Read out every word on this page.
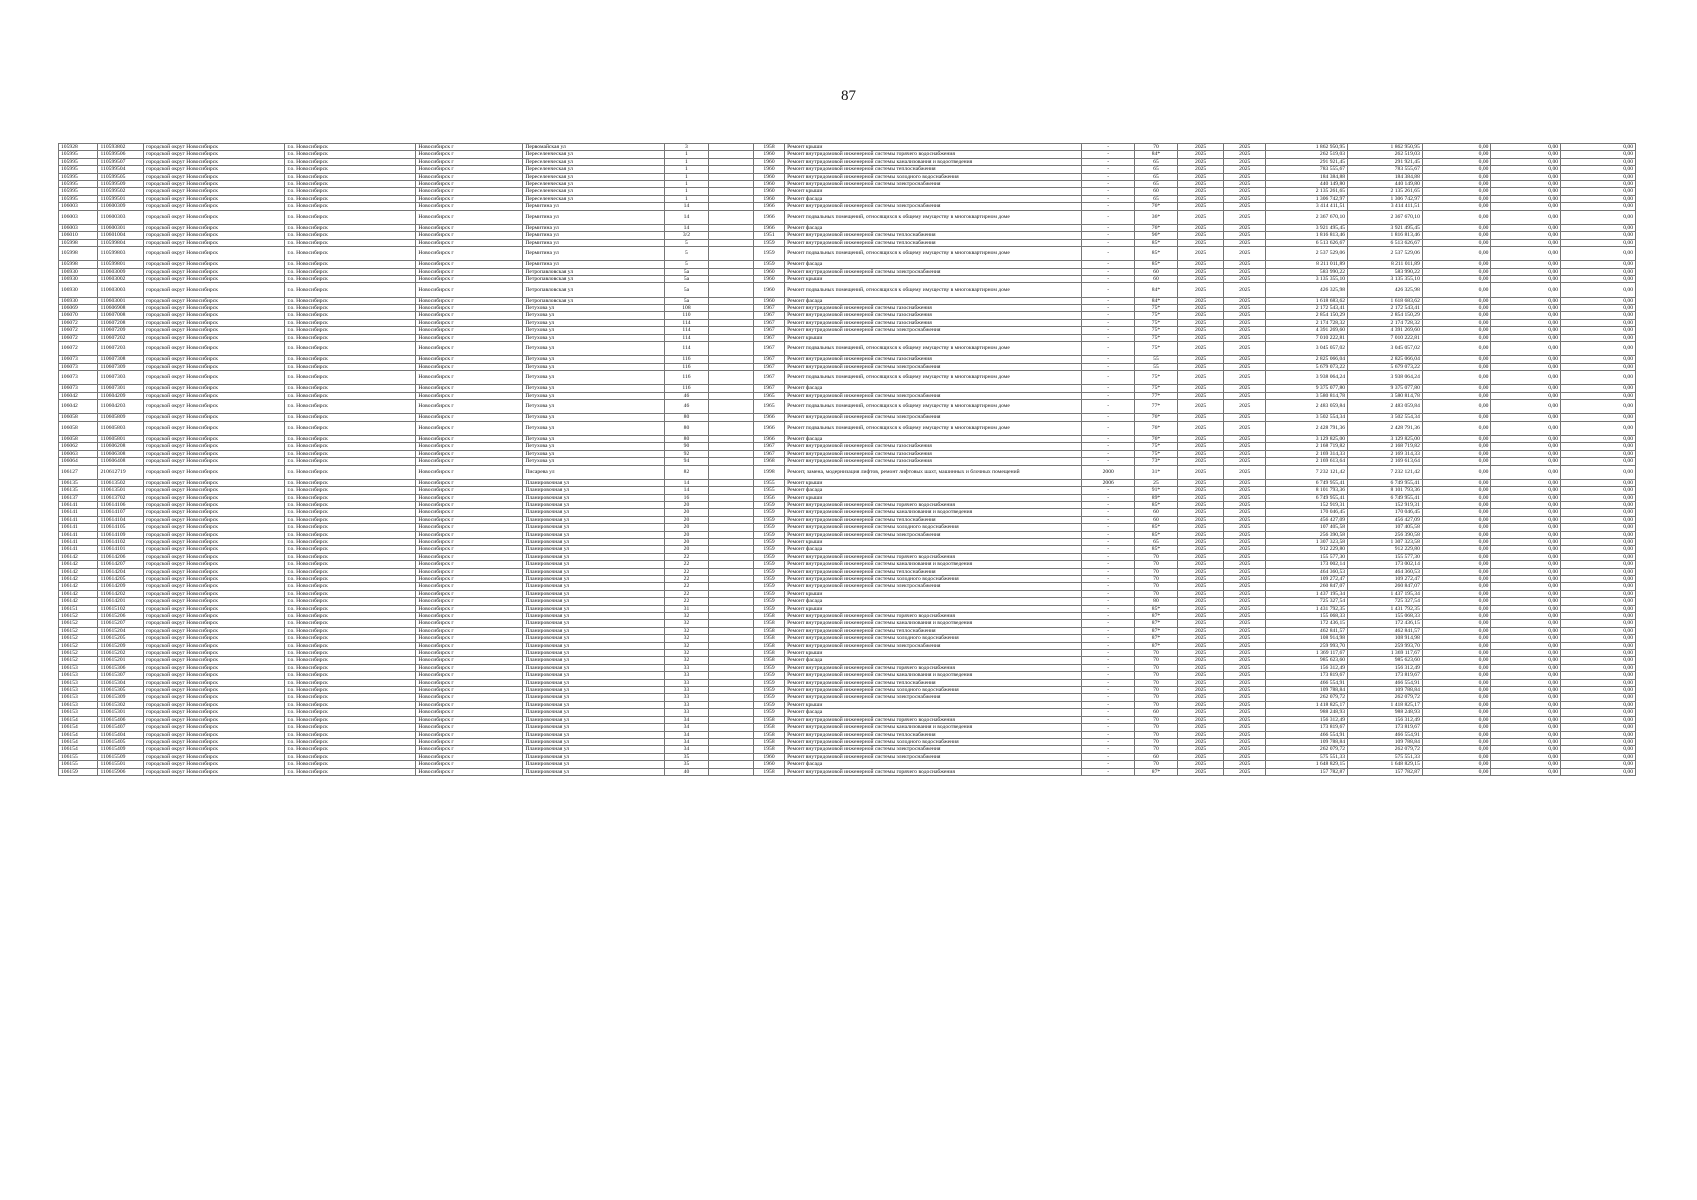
87
105928	110593802	городской округ Новосибирск	г.о. Новосибирск	Новосибирск г	Первомайская ул	3		1958	Ремонт крыши	-	70	2025	2025	1 862 950,95	1 862 950,95	0,00	0,00	0,00
105995	110599506	городской округ Новосибирск	г.о. Новосибирск	Новосибирск г	Переселенческая ул	1		1960	Ремонт внутридомовой инженерной системы горячего водоснабжения	-	84*	2025	2025	262 519,03	262 519,03	0,00	0,00	0,00
105995	110599507	городской округ Новосибирск	г.о. Новосибирск	Новосибирск г	Переселенческая ул	1		1960	Ремонт внутридомовой инженерной системы канализования и водоотведения	-	65	2025	2025	291 921,45	291 921,45	0,00	0,00	0,00
105995	110599504	городской округ Новосибирск	г.о. Новосибирск	Новосибирск г	Переселенческая ул	1		1960	Ремонт внутридомовой инженерной системы теплоснабжения	-	65	2025	2025	783 555,67	783 555,67	0,00	0,00	0,00
105995	110599505	городской округ Новосибирск	г.о. Новосибирск	Новосибирск г	Переселенческая ул	1		1960	Ремонт внутридомовой инженерной системы холодного водоснабжения	-	65	2025	2025	184 384,88	184 384,88	0,00	0,00	0,00
105995	110599509	городской округ Новосибирск	г.о. Новосибирск	Новосибирск г	Переселенческая ул	1		1960	Ремонт внутридомовой инженерной системы электроснабжения	-	65	2025	2025	440 149,80	440 149,80	0,00	0,00	0,00
105995	110599502	городской округ Новосибирск	г.о. Новосибирск	Новосибирск г	Переселенческая ул	1		1960	Ремонт крыши	-	60	2025	2025	2 135 261,65	2 135 261,65	0,00	0,00	0,00
105995	110599501	городской округ Новосибирск	г.о. Новосибирск	Новосибирск г	Переселенческая ул	1		1960	Ремонт фасада	-	65	2025	2025	1 306 742,97	1 306 742,97	0,00	0,00	0,00
106003	110600309	городской округ Новосибирск	г.о. Новосибирск	Новосибирск г	Пермитина ул	14		1966	Ремонт внутридомовой инженерной системы электроснабжения	-	76*	2025	2025	3 414 411,51	3 414 411,51	0,00	0,00	0,00
106003	110600303	городской округ Новосибирск	г.о. Новосибирск	Новосибирск г	Пермитина ул	14		1966	Ремонт подвальных помещений, относящихся к общему имуществу в многоквартирном доме	-	36*	2025	2025	2 367 670,10	2 367 670,10	0,00	0,00	0,00
106003	110600301	городской округ Новосибирск	г.о. Новосибирск	Новосибирск г	Пермитина ул	14		1966	Ремонт фасада	-	76*	2025	2025	3 921 495,45	3 921 495,45	0,00	0,00	0,00
106010	110601004	городской округ Новосибирск	г.о. Новосибирск	Новосибирск г	Пермитина ул	3/2		1951	Ремонт внутридомовой инженерной системы теплоснабжения	-	96*	2025	2025	1 816 813,46	1 816 813,46	0,00	0,00	0,00
105998	110599804	городской округ Новосибирск	г.о. Новосибирск	Новосибирск г	Пермитина ул	5		1959	Ремонт внутридомовой инженерной системы теплоснабжения	-	85*	2025	2025	6 513 626,67	6 513 626,67	0,00	0,00	0,00
105998	110599803	городской округ Новосибирск	г.о. Новосибирск	Новосибирск г	Пермитина ул	5		1959	Ремонт подвальных помещений, относящихся к общему имуществу в многоквартирном доме	-	85*	2025	2025	2 537 529,06	2 537 529,06	0,00	0,00	0,00
105998	110599801	городской округ Новосибирск	г.о. Новосибирск	Новосибирск г	Пермитина ул	5		1959	Ремонт фасада	-	85*	2025	2025	8 211 011,89	8 211 011,89	0,00	0,00	0,00
106930	110603009	городской округ Новосибирск	г.о. Новосибирск	Новосибирск г	Петропавловская ул	5а		1960	Ремонт внутридомовой инженерной системы электроснабжения	-	60	2025	2025	583 990,22	583 990,22	0,00	0,00	0,00
106930	110603002	городской округ Новосибирск	г.о. Новосибирск	Новосибирск г	Петропавловская ул	5а		1960	Ремонт крыши	-	60	2025	2025	3 135 355,10	3 135 355,10	0,00	0,00	0,00
106930	110603003	городской округ Новосибирск	г.о. Новосибирск	Новосибирск г	Петропавловская ул	5а		1960	Ремонт подвальных помещений, относящихся к общему имуществу в многоквартирном доме	-	84*	2025	2025	426 325,98	426 325,98	0,00	0,00	0,00
106930	110603001	городской округ Новосибирск	г.о. Новосибирск	Новосибирск г	Петропавловская ул	5а		1960	Ремонт фасада	-	84*	2025	2025	1 618 683,62	1 618 683,62	0,00	0,00	0,00
106069	110606908	городской округ Новосибирск	г.о. Новосибирск	Новосибирск г	Петухова ул	108		1967	Ремонт внутридомовой инженерной системы газоснабжения	-	75*	2025	2025	2 172 543,41	2 172 543,41	0,00	0,00	0,00
106070	110607008	городской округ Новосибирск	г.о. Новосибирск	Новосибирск г	Петухова ул	110		1967	Ремонт внутридомовой инженерной системы газоснабжения	-	75*	2025	2025	2 854 150,29	2 854 150,29	0,00	0,00	0,00
106072	110607208	городской округ Новосибирск	г.о. Новосибирск	Новосибирск г	Петухова ул	114		1967	Ремонт внутридомовой инженерной системы газоснабжения	-	75*	2025	2025	2 174 728,32	2 174 728,32	0,00	0,00	0,00
106072	110607209	городской округ Новосибирск	г.о. Новосибирск	Новосибирск г	Петухова ул	114		1967	Ремонт внутридомовой инженерной системы электроснабжения	-	75*	2025	2025	4 391 269,60	4 391 269,60	0,00	0,00	0,00
106072	110607202	городской округ Новосибирск	г.о. Новосибирск	Новосибирск г	Петухова ул	114		1967	Ремонт крыши	-	75*	2025	2025	7 010 222,81	7 010 222,81	0,00	0,00	0,00
106072	110607203	городской округ Новосибирск	г.о. Новосибирск	Новосибирск г	Петухова ул	114		1967	Ремонт подвальных помещений, относящихся к общему имуществу в многоквартирном доме	-	75*	2025	2025	3 045 057,02	3 045 057,02	0,00	0,00	0,00
106073	110607308	городской округ Новосибирск	г.о. Новосибирск	Новосибирск г	Петухова ул	116		1967	Ремонт внутридомовой инженерной системы газоснабжения	-	55	2025	2025	2 825 066,04	2 825 066,04	0,00	0,00	0,00
106073	110607309	городской округ Новосибирск	г.о. Новосибирск	Новосибирск г	Петухова ул	116		1967	Ремонт внутридомовой инженерной системы электроснабжения	-	55	2025	2025	5 679 073,22	5 679 073,22	0,00	0,00	0,00
106073	110607303	городской округ Новосибирск	г.о. Новосибирск	Новосибирск г	Петухова ул	116		1967	Ремонт подвальных помещений, относящихся к общему имуществу в многоквартирном доме	-	75*	2025	2025	3 938 064,24	3 938 064,24	0,00	0,00	0,00
106073	110607301	городской округ Новосибирск	г.о. Новосибирск	Новосибирск г	Петухова ул	116		1967	Ремонт фасада	-	75*	2025	2025	9 375 077,80	9 375 077,80	0,00	0,00	0,00
106042	110604209	городской округ Новосибирск	г.о. Новосибирск	Новосибирск г	Петухова ул	46		1965	Ремонт внутридомовой инженерной системы электроснабжения	-	77*	2025	2025	3 580 814,78	3 580 814,78	0,00	0,00	0,00
106042	110604203	городской округ Новосибирск	г.о. Новосибирск	Новосибирск г	Петухова ул	46		1965	Ремонт подвальных помещений, относящихся к общему имуществу в многоквартирном доме	-	77*	2025	2025	2 483 059,84	2 483 059,84	0,00	0,00	0,00
106058	110605809	городской округ Новосибирск	г.о. Новосибирск	Новосибирск г	Петухова ул	80		1966	Ремонт внутридомовой инженерной системы электроснабжения	-	76*	2025	2025	3 502 554,34	3 502 554,34	0,00	0,00	0,00
106058	110605803	городской округ Новосибирск	г.о. Новосибирск	Новосибирск г	Петухова ул	80		1966	Ремонт подвальных помещений, относящихся к общему имуществу в многоквартирном доме	-	76*	2025	2025	2 428 791,36	2 428 791,36	0,00	0,00	0,00
106058	110605801	городской округ Новосибирск	г.о. Новосибирск	Новосибирск г	Петухова ул	80		1966	Ремонт фасада	-	76*	2025	2025	3 129 825,00	3 129 825,00	0,00	0,00	0,00
106062	110606208	городской округ Новосибирск	г.о. Новосибирск	Новосибирск г	Петухова ул	90		1967	Ремонт внутридомовой инженерной системы газоснабжения	-	75*	2025	2025	2 168 719,82	2 168 719,82	0,00	0,00	0,00
106063	110606308	городской округ Новосибирск	г.о. Новосибирск	Новосибирск г	Петухова ул	92		1967	Ремонт внутридомовой инженерной системы газоснабжения	-	75*	2025	2025	2 169 314,33	2 169 314,33	0,00	0,00	0,00
106064	110606408	городской округ Новосибирск	г.о. Новосибирск	Новосибирск г	Петухова ул	94		1968	Ремонт внутридомовой инженерной системы газоснабжения	-	73*	2025	2025	2 169 613,64	2 169 613,64	0,00	0,00	0,00
106127	210612719	городской округ Новосибирск	г.о. Новосибирск	Новосибирск г	Писарева ул	82		1998	Ремонт, замена, модернизация лифтов, ремонт лифтовых шахт, машинных и блочных помещений	2000	31*	2025	2025	7 232 121,42	7 232 121,42	0,00	0,00	0,00
106135	110613502	городской округ Новосибирск	г.о. Новосибирск	Новосибирск г	Планировочная ул	14		1955	Ремонт крыши	2006	25	2025	2025	6 749 955,41	6 749 955,41	0,00	0,00	0,00
106135	110613501	городской округ Новосибирск	г.о. Новосибирск	Новосибирск г	Планировочная ул	14		1955	Ремонт фасада	-	91*	2025	2025	8 101 793,36	8 101 793,36	0,00	0,00	0,00
106137	110613702	городской округ Новосибирск	г.о. Новосибирск	Новосибирск г	Планировочная ул	16		1956	Ремонт крыши	-	89*	2025	2025	6 749 955,41	6 749 955,41	0,00	0,00	0,00
106141	110614106	городской округ Новосибирск	г.о. Новосибирск	Новосибирск г	Планировочная ул	20		1959	Ремонт внутридомовой инженерной системы горячего водоснабжения	-	85*	2025	2025	152 919,31	152 919,31	0,00	0,00	0,00
106141	110614107	городской округ Новосибирск	г.о. Новосибирск	Новосибирск г	Планировочная ул	20		1959	Ремонт внутридомовой инженерной системы канализования и водоотведения	-	60	2025	2025	170 046,45	170 046,45	0,00	0,00	0,00
106141	110614104	городской округ Новосибирск	г.о. Новосибирск	Новосибирск г	Планировочная ул	20		1959	Ремонт внутридомовой инженерной системы теплоснабжения	-	60	2025	2025	456 427,09	456 427,09	0,00	0,00	0,00
106141	110614105	городской округ Новосибирск	г.о. Новосибирск	Новосибирск г	Планировочная ул	20		1959	Ремонт внутридомовой инженерной системы холодного водоснабжения	-	85*	2025	2025	107 405,58	107 405,58	0,00	0,00	0,00
106141	110614109	городской округ Новосибирск	г.о. Новосибирск	Новосибирск г	Планировочная ул	20		1959	Ремонт внутридомовой инженерной системы электроснабжения	-	85*	2025	2025	256 390,58	256 390,58	0,00	0,00	0,00
106141	110614102	городской округ Новосибирск	г.о. Новосибирск	Новосибирск г	Планировочная ул	20		1959	Ремонт крыши	-	65	2025	2025	1 307 323,58	1 307 323,58	0,00	0,00	0,00
106141	110614101	городской округ Новосибирск	г.о. Новосибирск	Новосибирск г	Планировочная ул	20		1959	Ремонт фасада	-	85*	2025	2025	912 229,80	912 229,80	0,00	0,00	0,00
106142	110614206	городской округ Новосибирск	г.о. Новосибирск	Новосибирск г	Планировочная ул	22		1959	Ремонт внутридомовой инженерной системы горячего водоснабжения	-	70	2025	2025	155 577,30	155 577,30	0,00	0,00	0,00
106142	110614207	городской округ Новосибирск	г.о. Новосибирск	Новосибирск г	Планировочная ул	22		1959	Ремонт внутридомовой инженерной системы канализования и водоотведения	-	70	2025	2025	173 002,14	173 002,14	0,00	0,00	0,00
106142	110614204	городской округ Новосибирск	г.о. Новосибирск	Новосибирск г	Планировочная ул	22		1959	Ремонт внутридомовой инженерной системы теплоснабжения	-	70	2025	2025	464 360,53	464 360,53	0,00	0,00	0,00
106142	110614205	городской округ Новосибирск	г.о. Новосибирск	Новосибирск г	Планировочная ул	22		1959	Ремонт внутридомовой инженерной системы холодного водоснабжения	-	70	2025	2025	109 272,47	109 272,47	0,00	0,00	0,00
106142	110614209	городской округ Новосибирск	г.о. Новосибирск	Новосибирск г	Планировочная ул	22		1959	Ремонт внутридомовой инженерной системы электроснабжения	-	70	2025	2025	260 847,07	260 847,07	0,00	0,00	0,00
106142	110614202	городской округ Новосибирск	г.о. Новосибирск	Новосибирск г	Планировочная ул	22		1959	Ремонт крыши	-	70	2025	2025	1 437 195,34	1 437 195,34	0,00	0,00	0,00
106142	110614201	городской округ Новосибирск	г.о. Новосибирск	Новосибирск г	Планировочная ул	22		1959	Ремонт фасада	-	80	2025	2025	725 327,54	725 327,54	0,00	0,00	0,00
106151	110615102	городской округ Новосибирск	г.о. Новосибирск	Новосибирск г	Планировочная ул	31		1959	Ремонт крыши	-	85*	2025	2025	1 431 792,35	1 431 792,35	0,00	0,00	0,00
106152	110615206	городской округ Новосибирск	г.о. Новосибирск	Новосибирск г	Планировочная ул	32		1958	Ремонт внутридомовой инженерной системы горячего водоснабжения	-	87*	2025	2025	155 068,33	155 068,33	0,00	0,00	0,00
106152	110615207	городской округ Новосибирск	г.о. Новосибирск	Новосибирск г	Планировочная ул	32		1958	Ремонт внутридомовой инженерной системы канализования и водоотведения	-	87*	2025	2025	172 436,15	172 436,15	0,00	0,00	0,00
106152	110615204	городской округ Новосибирск	г.о. Новосибирск	Новосибирск г	Планировочная ул	32		1958	Ремонт внутридомовой инженерной системы теплоснабжения	-	87*	2025	2025	462 841,57	462 841,57	0,00	0,00	0,00
106152	110615205	городской округ Новосибирск	г.о. Новосибирск	Новосибирск г	Планировочная ул	32		1958	Ремонт внутридомовой инженерной системы холодного водоснабжения	-	87*	2025	2025	108 914,98	108 914,98	0,00	0,00	0,00
106152	110615209	городской округ Новосибирск	г.о. Новосибирск	Новосибирск г	Планировочная ул	32		1958	Ремонт внутридомовой инженерной системы электроснабжения	-	87*	2025	2025	259 993,70	259 993,70	0,00	0,00	0,00
106152	110615202	городской округ Новосибирск	г.о. Новосибирск	Новосибирск г	Планировочная ул	32		1958	Ремонт крыши	-	70	2025	2025	1 369 117,67	1 369 117,67	0,00	0,00	0,00
106152	110615201	городской округ Новосибирск	г.о. Новосибирск	Новосибирск г	Планировочная ул	32		1958	Ремонт фасада	-	70	2025	2025	985 623,60	985 623,60	0,00	0,00	0,00
106153	110615306	городской округ Новосибирск	г.о. Новосибирск	Новосибирск г	Планировочная ул	33		1959	Ремонт внутридомовой инженерной системы горячего водоснабжения	-	70	2025	2025	156 312,49	156 312,49	0,00	0,00	0,00
106153	110615307	городской округ Новосибирск	г.о. Новосибирск	Новосибирск г	Планировочная ул	33		1959	Ремонт внутридомовой инженерной системы канализования и водоотведения	-	70	2025	2025	173 819,67	173 819,67	0,00	0,00	0,00
106153	110615304	городской округ Новосибирск	г.о. Новосибирск	Новосибирск г	Планировочная ул	33		1959	Ремонт внутридомовой инженерной системы теплоснабжения	-	70	2025	2025	466 554,91	466 554,91	0,00	0,00	0,00
106153	110615305	городской округ Новосибирск	г.о. Новосибирск	Новосибирск г	Планировочная ул	33		1959	Ремонт внутридомовой инженерной системы холодного водоснабжения	-	70	2025	2025	109 788,84	109 788,84	0,00	0,00	0,00
106153	110615309	городской округ Новосибирск	г.о. Новосибирск	Новосибирск г	Планировочная ул	33		1959	Ремонт внутридомовой инженерной системы электроснабжения	-	70	2025	2025	262 079,72	262 079,72	0,00	0,00	0,00
106153	110615302	городской округ Новосибирск	г.о. Новосибирск	Новосибирск г	Планировочная ул	33		1959	Ремонт крыши	-	70	2025	2025	1 418 825,17	1 418 825,17	0,00	0,00	0,00
106153	110615301	городской округ Новосибирск	г.о. Новосибирск	Новосибирск г	Планировочная ул	33		1959	Ремонт фасада	-	60	2025	2025	988 248,93	988 248,93	0,00	0,00	0,00
106154	110615406	городской округ Новосибирск	г.о. Новосибирск	Новосибирск г	Планировочная ул	34		1958	Ремонт внутридомовой инженерной системы горячего водоснабжения	-	70	2025	2025	156 312,49	156 312,49	0,00	0,00	0,00
106154	110615407	городской округ Новосибирск	г.о. Новосибирск	Новосибирск г	Планировочная ул	34		1958	Ремонт внутридомовой инженерной системы канализования и водоотведения	-	70	2025	2025	173 819,67	173 819,67	0,00	0,00	0,00
106154	110615404	городской округ Новосибирск	г.о. Новосибирск	Новосибирск г	Планировочная ул	34		1958	Ремонт внутридомовой инженерной системы теплоснабжения	-	70	2025	2025	466 554,91	466 554,91	0,00	0,00	0,00
106154	110615405	городской округ Новосибирск	г.о. Новосибирск	Новосибирск г	Планировочная ул	34		1958	Ремонт внутридомовой инженерной системы холодного водоснабжения	-	70	2025	2025	109 788,84	109 788,84	0,00	0,00	0,00
106154	110615409	городской округ Новосибирск	г.о. Новосибирск	Новосибирск г	Планировочная ул	34		1958	Ремонт внутридомовой инженерной системы электроснабжения	-	70	2025	2025	262 079,72	262 079,72	0,00	0,00	0,00
106155	110615509	городской округ Новосибирск	г.о. Новосибирск	Новосибирск г	Планировочная ул	35		1960	Ремонт внутридомовой инженерной системы электроснабжения	-	60	2025	2025	575 551,33	575 551,33	0,00	0,00	0,00
106155	110615501	городской округ Новосибирск	г.о. Новосибирск	Новосибирск г	Планировочная ул	35		1960	Ремонт фасада	-	70	2025	2025	1 648 829,15	1 648 829,15	0,00	0,00	0,00
106159	110615906	городской округ Новосибирск	г.о. Новосибирск	Новосибирск г	Планировочная ул	40		1958	Ремонт внутридомовой инженерной системы горячего водоснабжения	-	87*	2025	2025	157 782,87	157 782,87	0,00	0,00	0,00
